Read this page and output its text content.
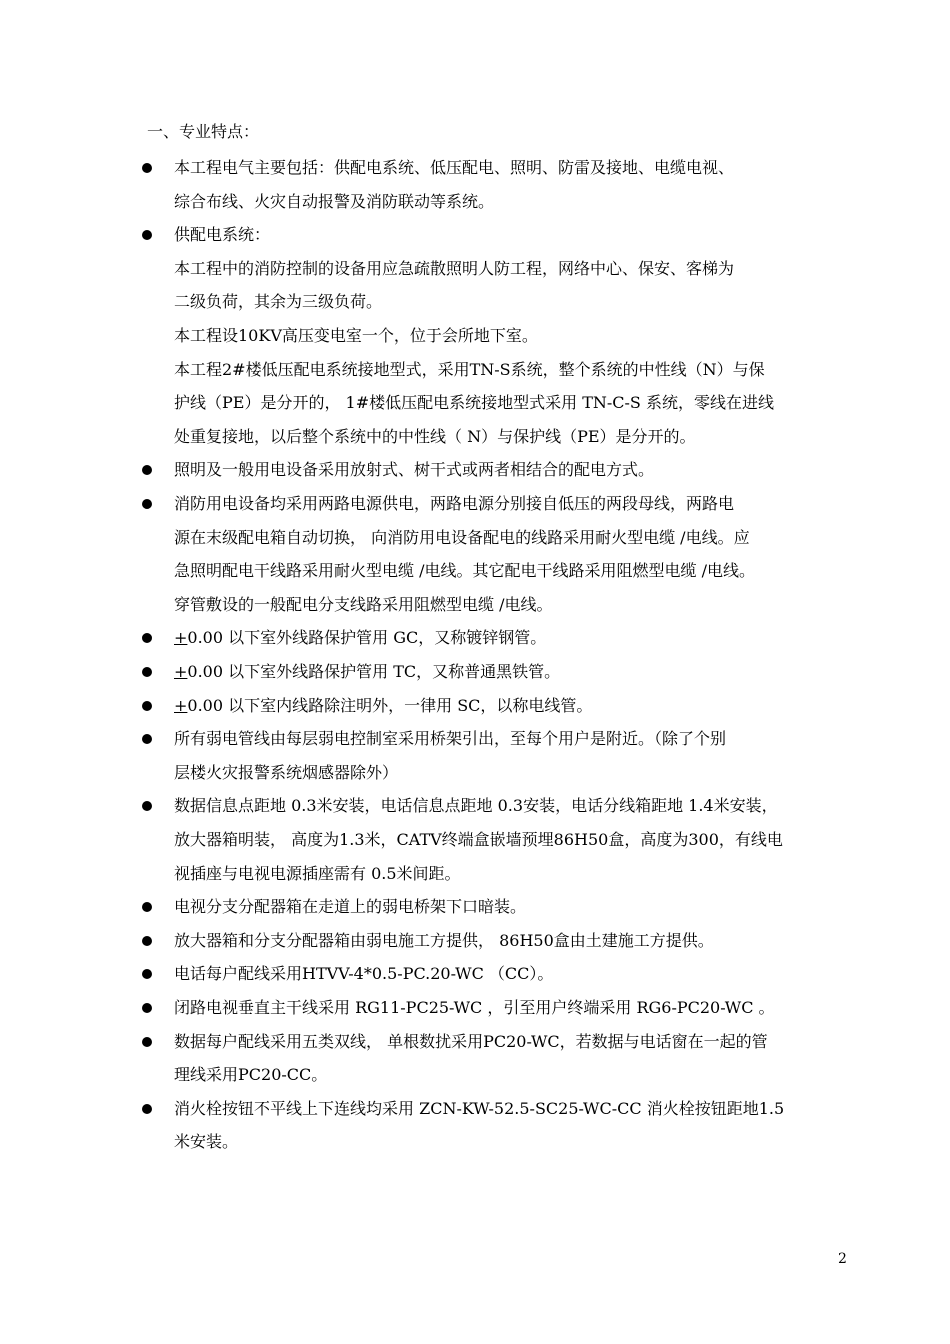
一、专业特点：
本工程电气主要包括：供配电系统、低压配电、照明、防雷及接地、电缆电视、
综合布线、火灾自动报警及消防联动等系统。
供配电系统：
本工程中的消防控制的设备用应急疏散照明人防工程，网络中心、保安、客梯为
二级负荷，其余为三级负荷。
本工程设10KV高压变电室一个，位于会所地下室。
本工程2#楼低压配电系统接地型式，采用TN-S系统，整个系统的中性线（N）与保
护线（PE）是分开的， 1#楼低压配电系统接地型式采用 TN-C-S 系统，零线在进线
处重复接地，以后整个系统中的中性线（ N）与保护线（PE）是分开的。
照明及一般用电设备采用放射式、树干式或两者相结合的配电方式。
消防用电设备均采用两路电源供电，两路电源分别接自低压的两段母线，两路电
源在末级配电箱自动切换， 向消防用电设备配电的线路采用耐火型电缆 /电线。应
急照明配电干线路采用耐火型电缆 /电线。其它配电干线路采用阻燃型电缆 /电线。
穿管敷设的一般配电分支线路采用阻燃型电缆 /电线。
+0.00 以下室外线路保护管用 GC，又称镀锌钢管。
+0.00 以下室外线路保护管用 TC，又称普通黑铁管。
+0.00 以下室内线路除注明外，一律用 SC，以称电线管。
所有弱电管线由每层弱电控制室采用桥架引出，至每个用户是附近。（除了个别
层楼火灾报警系统烟感器除外）
数据信息点距地 0.3米安装，电话信息点距地 0.3安装，电话分线箱距地 1.4米安装，
放大器箱明装， 高度为1.3米，CATV终端盒嵌墙预埋86H50盒，高度为300，有线电
视插座与电视电源插座需有 0.5米间距。
电视分支分配器箱在走道上的弱电桥架下口暗装。
放大器箱和分支分配器箱由弱电施工方提供， 86H50盒由土建施工方提供。
电话每户配线采用HTVV-4*0.5-PC.20-WC （CC）。
闭路电视垂直主干线采用 RG11-PC25-WC ，引至用户终端采用 RG6-PC20-WC 。
数据每户配线采用五类双线， 单根数扰采用PC20-WC，若数据与电话窗在一起的管
理线采用PC20-CC。
消火栓按钮不平线上下连线均采用 ZCN-KW-52.5-SC25-WC-CC 消火栓按钮距地1.5
米安装。
2
